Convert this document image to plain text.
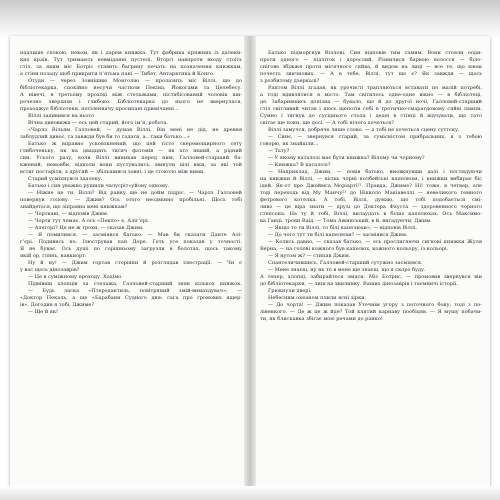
надлише спокою, неком, як і дарем книжка. Тут фабрика пряжних із далеки-

ких країв. Тут тримають невміданні пустелі. Вторгі навпроти входу стоїть

стіл, за яким міс Ботріс ставить багрину печать на позначення книжкам,

а стіни позаду щоб прикрити п’ятьма пані — Тибет, Антарктика й Конго.

Отуди — через Зовнішню Монголію — пролазить міс Віллі, що до

бібліотекарка, спокійно несучи частком Пекіна, Йокогами та Целебесу.

А нівечі, в третьому проході між стелажами, пістабісований чоловік ши-

рочезно зверхнім і глибоко. Бібліотекарка до нього не ввернулася,

проходжує бібліотеки, потілениачу просипані примічанні…

Віллі задивився на нього

Вічна дивовижа — ось цей старий, його ім’я, робота.

«Чарлз Вільям Галловей, — думав Віллі. Він мені не дід, не древня

заблудлий дивос, та завжди був би то гадати, а.. таки батько…»

Батько ж вправно усковзкнений, що цей тісто скеремоширного сету

глибоченьку, як на двадцять тисяч фатомів — як хто інший, а рідний

син. Усього разу, коли Віллі виникав перед ним, Галловей-старший ба-

кжений, немовби, відколи вони пустувались, минули цілі віки, за які той

встиг постаріти, а другий — збільшився зовні, і це стоколо між ними.

Старий усміхнувся здалеку.

Батько і син уважно рушили чалусріт«уйону одному.

— Ніжне це ти, Віллі? Від ранку ще не дойм підріс. — Чарлз Галловей

повернув голову. — Джим? Ось отого неодмінно пробільні. Щось тобі

знайдеться, що зіправна мені книжкам?

— Чорткані, — відповів Джим.

— Чорти тут чемає. А ось «Пекло» є, Алігʼєрі.

— Алегорі? Це не ж трохи, — сказав Джим.

— Я помилився, — засміявся батько. — Мав би сказати Данте Алі-

гʼєрі. Подивись но. Ілюстрував пан Доре. Геть усе показав у точності.

Я не буває. Ось душі по горішньому загрузли в болотах, щось такому

якій ор, глянь, навкиорт:

Ну й ну! — Джим гортав сторінки й розглядав ілюстрації. — Чи є

у вас щось дінозаврів?

— Це в суміжному проходу. Ходімо.

Підвівши хлопців за стелажа, Галловей-старший зняв кількох книжок.

— Будь ласка «Птеродактиль, повітряний змій-вимахдувач», —

«Доктор Пекаль, а ще «Барабани Судного дня: сага про громових ящер-

ів». Догодив я тобі, Джиме?

— Ще й як!

Батько підморгнув Віллові. Син відповів тим самим. Вони стояли ооди-

проти одного — підліток і дорослий. Різнилися барвою волосся — біло-

снігове збіжжя проти місячного сяйва, й видом на лиці — все те, що юнак

почесть звичнових. — А в тебе, Віллі, тут що є? Як завжди — щось

з розбитому дзеркалі?

Раптом Віллі згадав, як урочисті трапляються вставати по малій потребі,

а тоді вдивлятися в місто. Там світилось одне-одне вікно — в бібліотеці,

де. Забарившись допізна — бувало, що й до другої ночі, Галловей-старший

стіл світливий читав і шось щепотів собі в тротично-смарагдовому сяйві лампи.

Сумно і тягнув до сусіднього стола і дедеі в стінці й відчувати, що тато

світає ще поки, ще досі. — А тобі нічого хочеться?

Віллі замучся, добряче лише слово. — а тобі не хочеться сцену суттєку.

— Синє, — звернувся старий, за сумісністом прибральних, я з тобою

говорю, як знайшли…

— Тату?

— У якому каталозі має бути книжка? Вілому чи чорному?

— Книжка? В каталозі?

— Наприклад, Джим, — повів батько, вмовкнувши далі і поглядуючи

на книжки й Віллі, — вісшь чорні колбейські капелюхи, і книжки вибирає біс

ідей. Як-от про Джеймса Моріарті²². Правда, Джиме? Ні! тоже, в четвер, але

тоді переходь від Му Манчу²³ до Нікколо Макіавеллі — невеликого темного

фетрового котелка. А тобі, Віллі, думаю, що тобі подобається смі-

ливо — це віра знати — друзі до Доктора Фауста — здоровенного чорного

степсона. На ту й тобі, Віллі, вилаудать в білих капелюхах. Ось Максимо-

ва Ганді, троян Ваід. — Тома Ажинський, в й, вигадуючи, Джим.

— Якщо то ти Віллі, то білі капелюхи», — відповів Віллі.

— До чого тут ти білі капелюхи? — засміявся Джим.

— Колись давно, — сказав батько, — ось прослигяючи сигнові книжки Жуля

Верна, — на голові кожного був капелюх, кожного кольору, із кольорі.

— Я нусом ж? — стипав Джим.

Спантеличившись, Галловей-старший сутужно засміявся.

— Мене знаєш, ну як то в мене ще знаєш, що я скоро буду.

А тепер, хлопці, забирайтеся звідси. Міс Ботрис, — промовив звернувся він

до бібліотекарки, — лиш на хвилинку. Ваших дінозаврів і таємничі історії.

Грюкнули двері.

Небесним океаном плили ясні зірки.

— До чорта! — Джим показав Уточнім угору з поточного боку, тоді з по-

лівенкого. — Де ж це ж йде? Той клятий карнаву пообіцяв. — Я мушу побачи-

ти, як блискавка збігає мою речами до ранко!
